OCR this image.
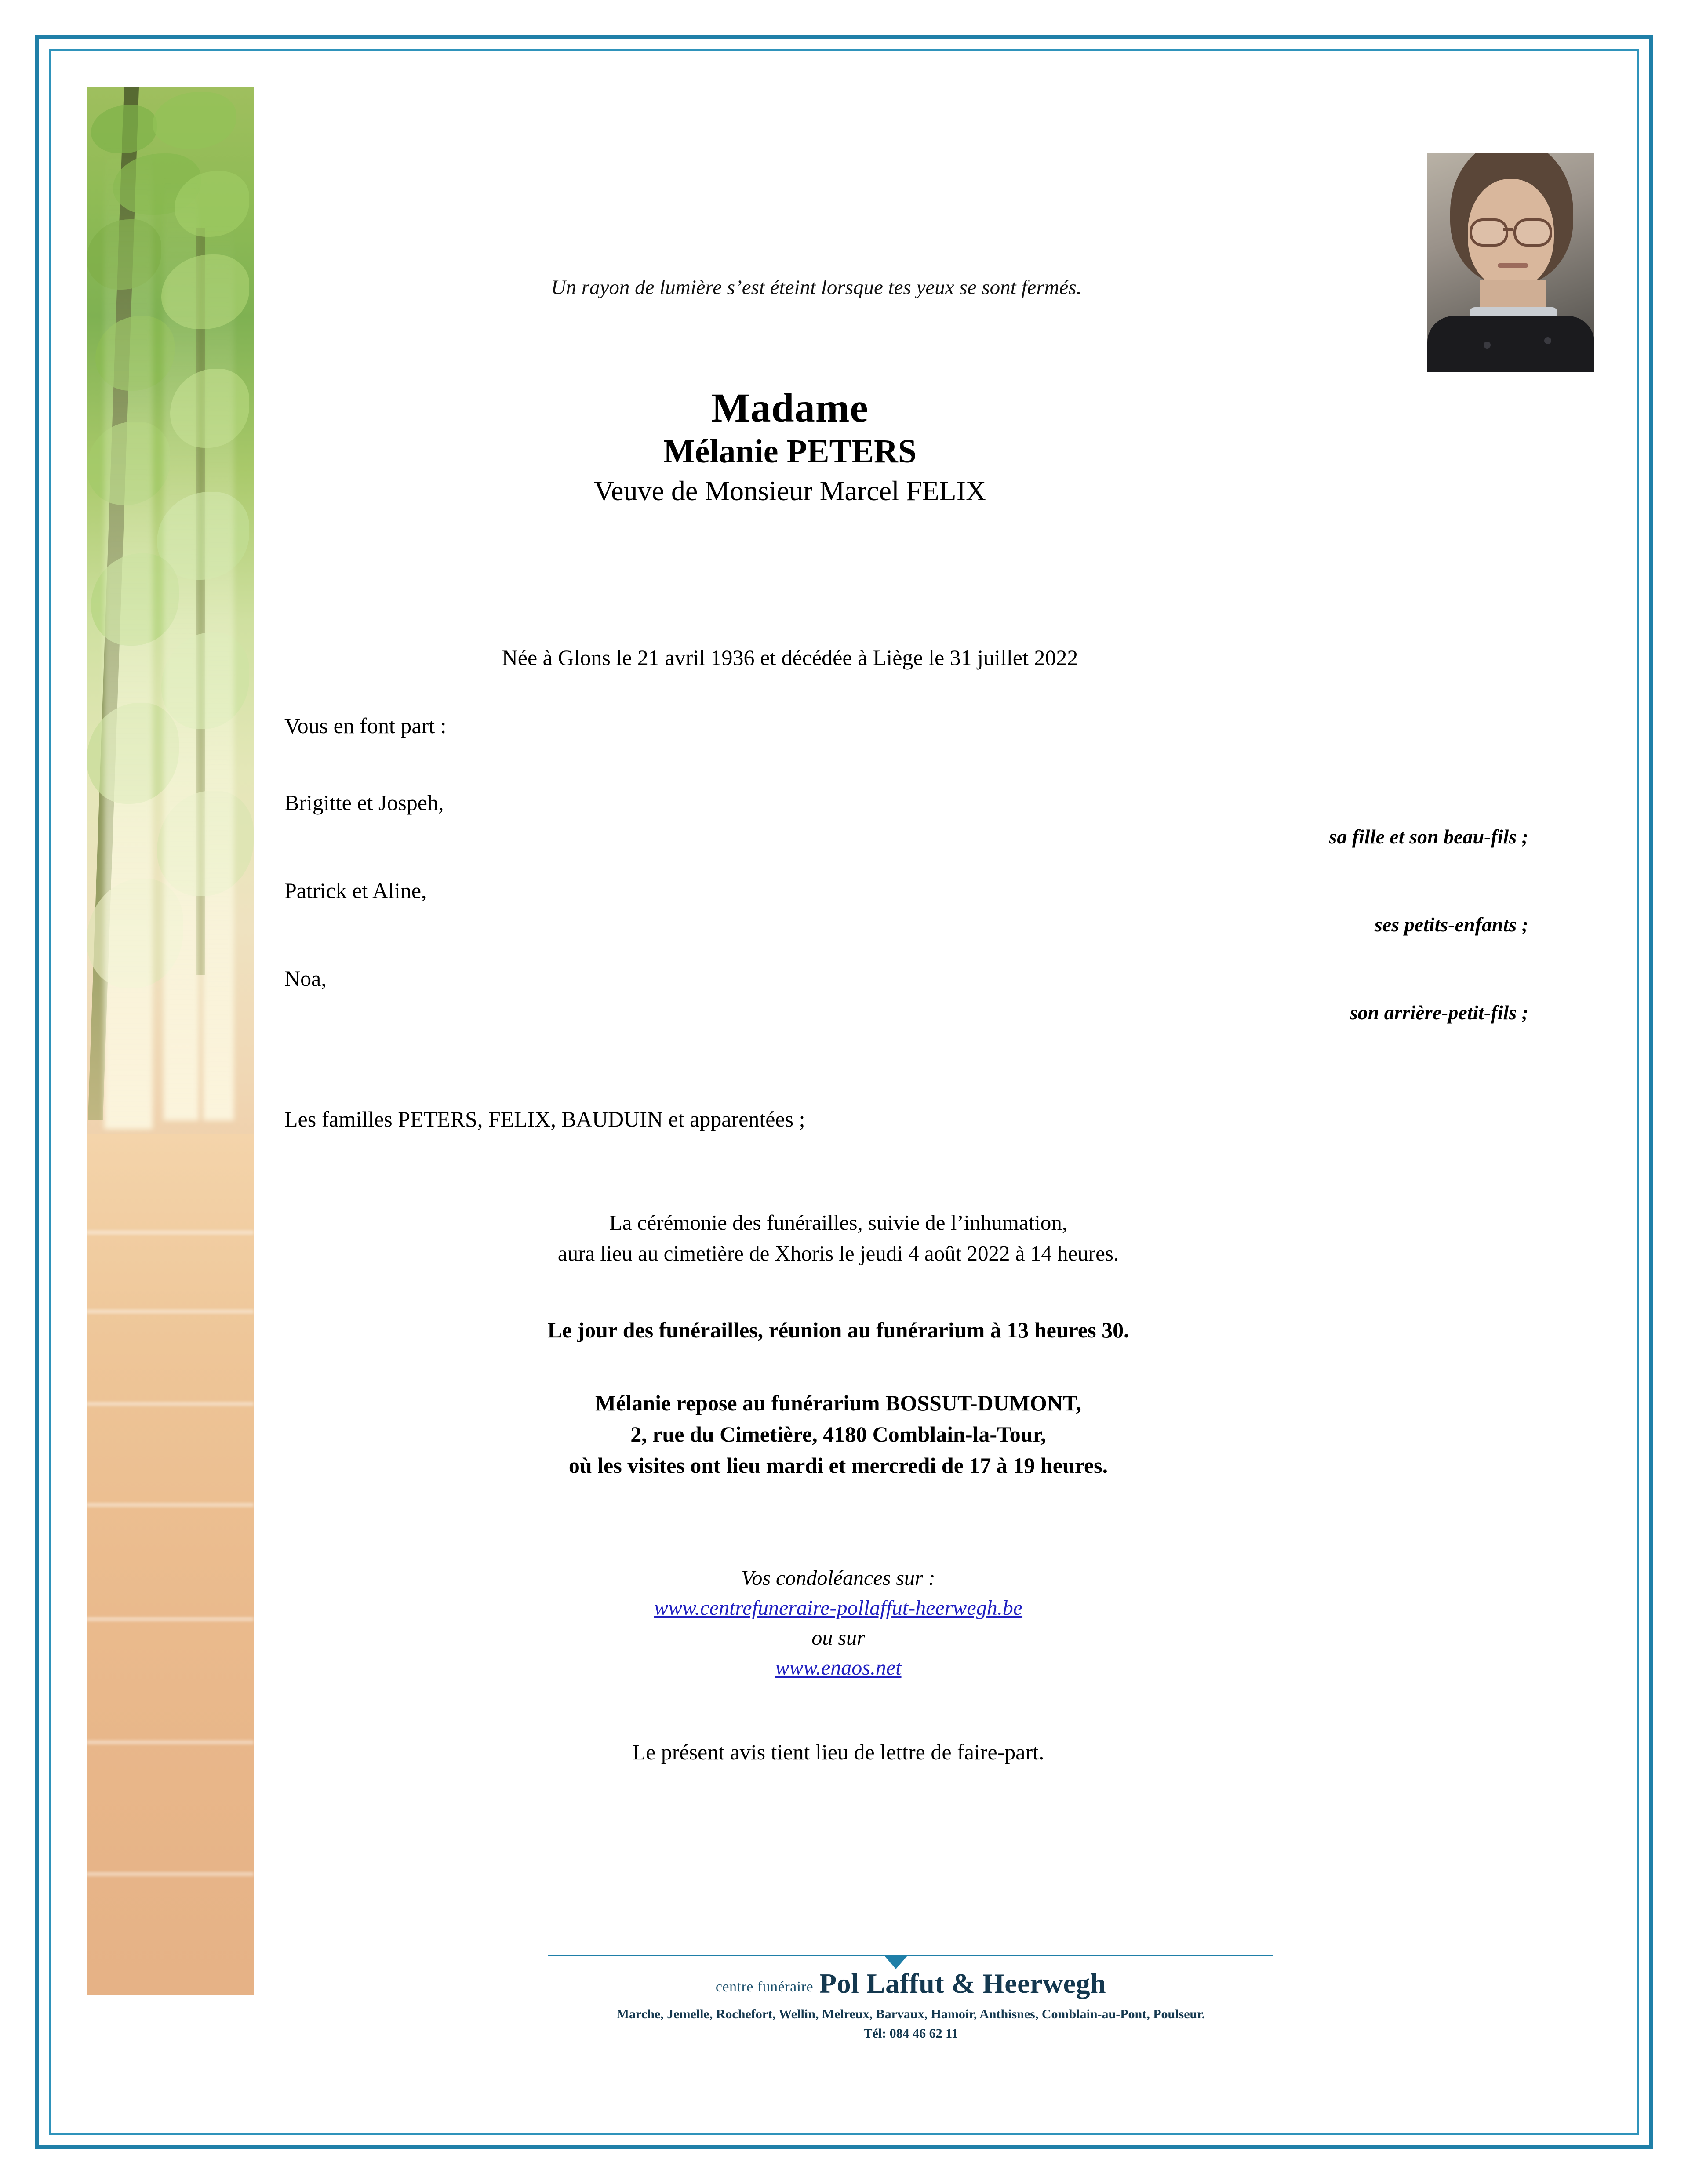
Un rayon de lumière s’est éteint lorsque tes yeux se sont fermés.
Madame
Mélanie PETERS
Veuve de Monsieur Marcel FELIX
Née à Glons le 21 avril 1936 et décédée à Liège le 31 juillet 2022
Vous en font part :
Brigitte et Jospeh,
sa fille et son beau-fils ;
Patrick et Aline,
ses petits-enfants ;
Noa,
son arrière-petit-fils ;
Les familles PETERS, FELIX, BAUDUIN et apparentées ;
La cérémonie des funérailles, suivie de l’inhumation,
aura lieu au cimetière de Xhoris le jeudi 4 août 2022 à 14 heures.
Le jour des funérailles, réunion au funérarium à 13 heures 30.
Mélanie repose au funérarium BOSSUT-DUMONT,
2, rue du Cimetière, 4180 Comblain-la-Tour,
où les visites ont lieu mardi et mercredi de 17 à 19 heures.
Vos condoléances sur :
www.centrefuneraire-pollaffut-heerwegh.be
ou sur
www.enaos.net
Le présent avis tient lieu de lettre de faire-part.
centre funéraire Pol Laffut & Heerwegh
Marche, Jemelle, Rochefort, Wellin, Melreux, Barvaux, Hamoir, Anthisnes, Comblain-au-Pont, Poulseur.
Tél: 084 46 62 11
